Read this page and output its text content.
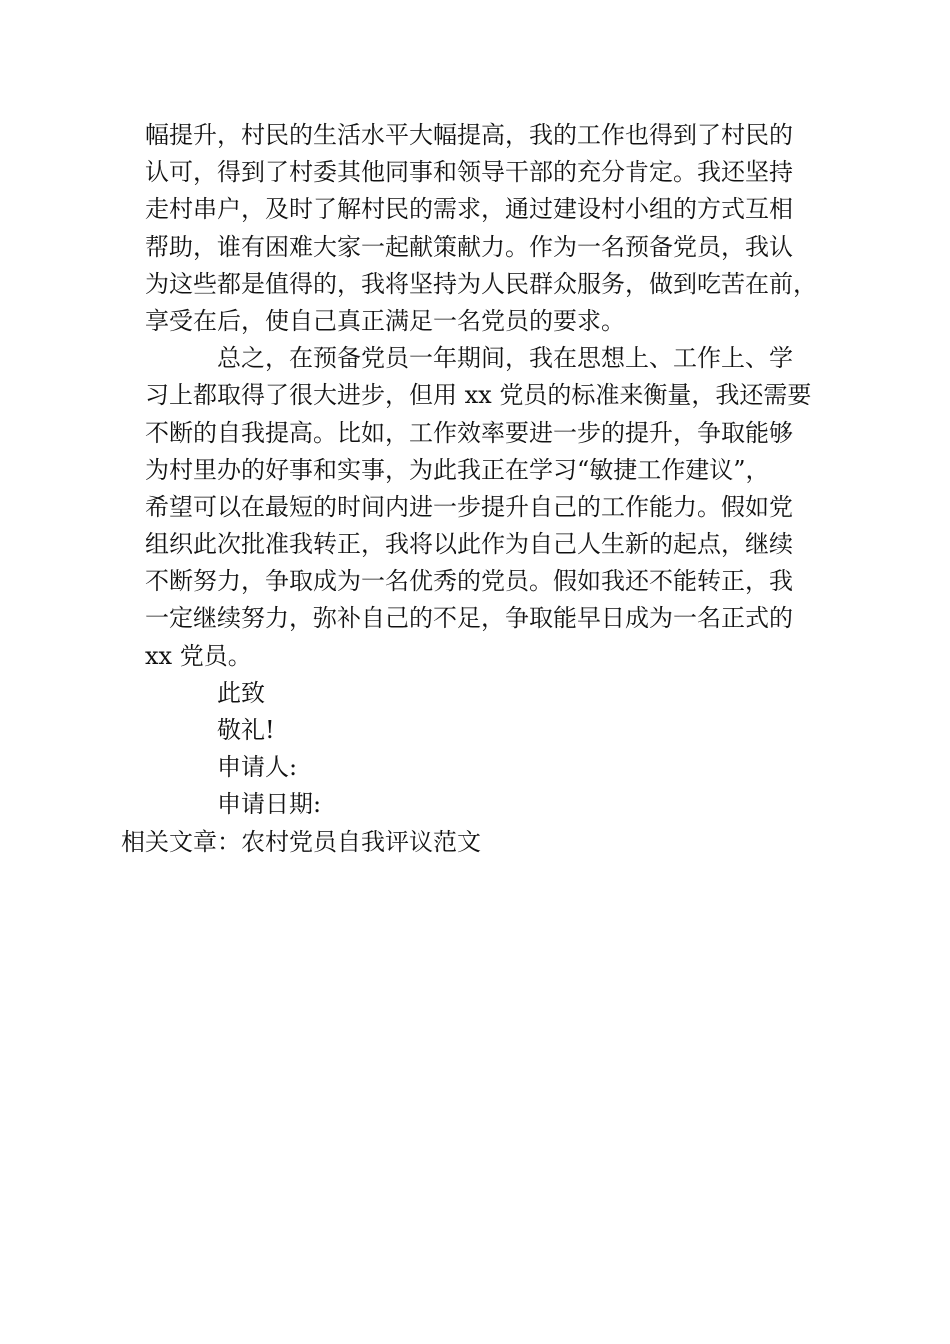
幅提升，村民的生活水平大幅提高，我的工作也得到了村民的
认可，得到了村委其他同事和领导干部的充分肯定。我还坚持
走村串户，及时了解村民的需求，通过建设村小组的方式互相
帮助，谁有困难大家一起献策献力。作为一名预备党员，我认
为这些都是值得的，我将坚持为人民群众服务，做到吃苦在前，
享受在后，使自己真正满足一名党员的要求。
总之，在预备党员一年期间，我在思想上、工作上、学
习上都取得了很大进步，但用 xx 党员的标准来衡量，我还需要
不断的自我提高。比如，工作效率要进一步的提升，争取能够
为村里办的好事和实事，为此我正在学习“敏捷工作建议”，
希望可以在最短的时间内进一步提升自己的工作能力。假如党
组织此次批准我转正，我将以此作为自己人生新的起点，继续
不断努力，争取成为一名优秀的党员。假如我还不能转正，我
一定继续努力，弥补自己的不足，争取能早日成为一名正式的
xx 党员。
此致
敬礼!
申请人:
申请日期:
相关文章：农村党员自我评议范文
